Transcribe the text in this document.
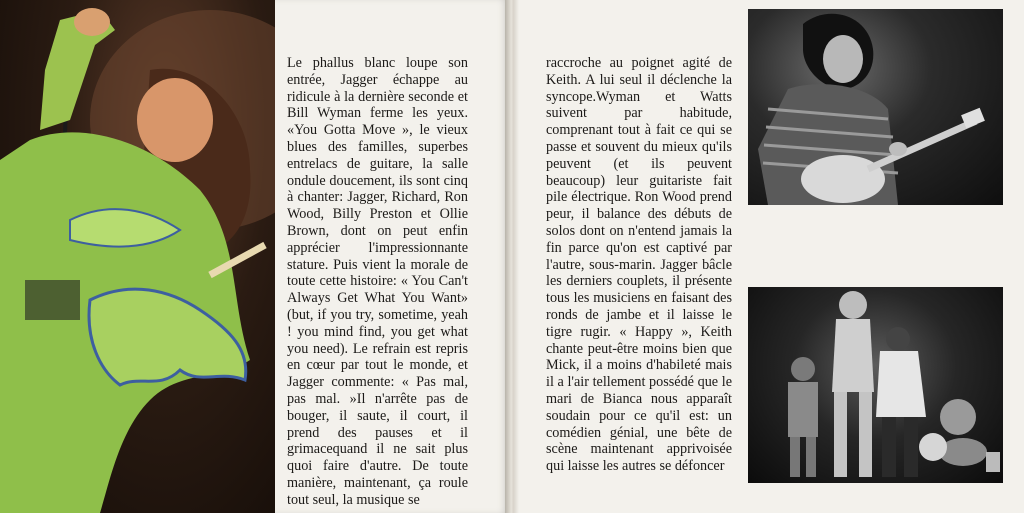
Le phallus blanc loupe son entrée, Jagger échappe au ridicule à la dernière seconde et Bill Wyman ferme les yeux. «You Gotta Move », le vieux blues des familles, superbes entrelacs de guitare, la salle ondule doucement, ils sont cinq à chanter: Jagger, Richard, Ron Wood, Billy Preston et Ollie Brown, dont on peut enfin apprécier l'impressionnante stature. Puis vient la morale de toute cette histoire: « You Can't Always Get What You Want» (but, if you try, sometime, yeah ! you mind find, you get what you need). Le refrain est repris en cœur par tout le monde, et Jagger commente: « Pas mal, pas mal. »Il n'arrête pas de bouger, il saute, il court, il prend des pauses et il grimacequand il ne sait plus quoi faire d'autre. De toute manière, maintenant, ça roule tout seul, la musique se

raccroche au poignet agité de Keith. A lui seul il déclenche la syncope.Wyman et Watts suivent par habitude, comprenant tout à fait ce qui se passe et souvent du mieux qu'ils peuvent (et ils peuvent beaucoup) leur guitariste fait pile électrique. Ron Wood prend peur, il balance des débuts de solos dont on n'entend jamais la fin parce qu'on est captivé par l'autre, sous-marin. Jagger bâcle les derniers couplets, il présente tous les musiciens en faisant des ronds de jambe et il laisse le tigre rugir. « Happy », Keith chante peut-être moins bien que Mick, il a moins d'habileté mais il a l'air tellement possédé que le mari de Bianca nous apparaît soudain pour ce qu'il est: un comédien génial, une bête de scène maintenant apprivoisée qui laisse les autres se défoncer
